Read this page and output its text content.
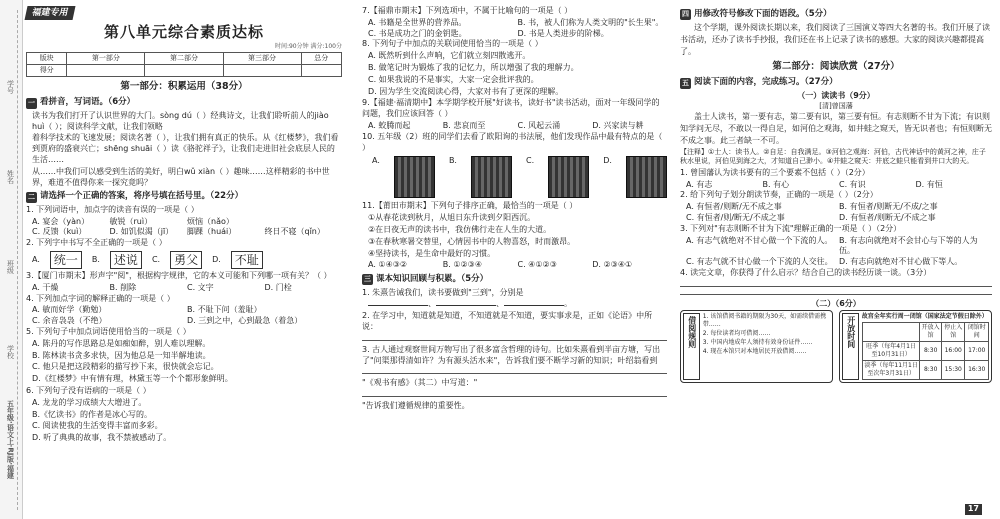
学号
姓名
班级
学校
五年级·语文上·RJ版·福建
福建专用
第八单元综合素质达标
时间:90分钟 满分:100分
版块	第一部分	第二部分	第三部分	总分
得分				
第一部分：积累运用（38分）
一 看拼音，写词语。（6分）

读书为我们打开了认识世界的大门。sòng dú（ ）经典诗文，让我们聆听前人的jiào huì（ ）；阅读科学文献，让我们领略

着科学技术的飞速发展；阅读名著（ ），让我们拥有真正的快乐。从《红楼梦》，我们看到贾府的盛衰兴亡；shēng shuāi（ ）读《骆驼祥子》，让我们走进旧社会底层人民的生活……

从……中我们可以感受到生活的美好，明白wǔ xiàn（ ）趣味……这样精彩的书中世界，难道不值得你来一探究竟吗？

二 请选择一个正确的答案，将序号填在括号里。（22分）

1. 下列词语中，加点字的读音有误的一项是（ ）

A. 宴会（yàn）	敏锐（ruì）	烦恼（nǎo）
C. 反馈（kuì）	D. 如饥似渴（jī）	脚踝（huái）	终日不寝（qǐn）

2. 下列字中书写不全正确的一项是（ ）

A.	统一	B.	述说	C.	勇父	D.	不耻

3.【厦门市期末】形声字"阅"，根据构字规律，它的本义可能和下列哪一项有关？（ ）

A. 干燥	B. 削除	C. 文字	D. 门栓

4. 下列加点字词的解释正确的一项是（ ）

A. 敏而好学（勤勉）	B. 不耻下问（羞耻）
C. 余音袅袅（不绝）	D. 三到之中，心到最急（着急）

5. 下列句子中加点词语使用恰当的一项是（ ）

A. 陈丹的写作思路总是如痴如醉，别人难以理解。

B. 陈林读书贪多求快，因为他总是一知半解地读。

C. 他只是把这段精彩的描写抄下来，很快就会忘记。

D.《红楼梦》中有情有理，林黛玉等一个个都形象鲜明。

6. 下列句子没有语病的一项是（ ）

A. 龙龙的学习成绩大大增进了。

B.《忆读书》的作者是冰心写的。

C. 阅读使我的生活变得丰富而多彩。

D. 听了典典的故事，我不禁被感动了。

7.【福鼎市期末】下列选项中，不属于比喻句的一项是（ ）

A. 书籍是全世界的营养品。	B. 书，被人们称为人类文明的"长生果"。
C. 书是成功之门的金钥匙。	D. 书是人类进步的阶梯。

8. 下列句子中加点的关联词使用恰当的一项是（ ）

A. 既然听到什么声响，它们就立刻四散逃开。

B. 做笔记时为锻炼了我的记忆力，所以增强了我的理解力。

C. 如果我说的不是事实，大家一定会批评我的。

D. 因为学生交流阅读心得，大家对书有了更深的理解。

9.【福建·福清期中】本学期学校开展"好读书，读好书"读书活动，面对一年级同学的问题，我们应该回答（ ）

A. 蛟腾而起	B. 悲哀而至	C. 风起云涌	D. 兴家读与耕

10. 五年级（2）班的同学们去看了欧阳询的书法展，他们发现作品中最有特点的是（ ）

A.	B.	C.	D.

11.【莆田市期末】下列句子排序正确，最恰当的一项是（ ）

①从春花读到秋月，从旭日东升读到夕阳西沉。

②在日夜无声的读书中，我仿佛行走在人生的大道。

③在春秋寒暑交替里，心情因书中的人物喜怒，时而激昂。

④坚持读书，是生命中最好的习惯。

A. ①④③②	B. ①②③④	C. ④①②③	D. ②③④①
三 课本知识回顾与积累。（5分）

1. 朱熹告诫我们，读书要做到"三到"，分别是

、	、	。

2. 在学习中，知道就是知道，不知道就是不知道，要实事求是，正如《论语》中所说：

3. 古人通过观察世间万物写出了很多富含哲理的诗句。比如朱熹看到半亩方塘，写出了"问渠那得清如许？为有源头活水来"，告诉我们要不断学习新的知识；叶绍翁看到

"《观书有感》（其二）中写道："

"告诉我们遵循规律的重要性。

四 用修改符号修改下面的语段。（5分）

这个学期，课外阅读长期以来，我们阅读了三国演义等四大名著的书。我们开展了读书活动，还办了读书手抄报，我们还在书上记录了读书的感想。大家的阅读兴趣都提高了。

第二部分：阅读欣赏（27分）
五 阅读下面的内容，完成练习。（27分）
（一）读读书（9分）
[清]曾国藩

盖士人读书，第一要有志，第二要有识，第三要有恒。有志则断不甘为下流；有识则知学问无尽，不敢以一得自足，如河伯之观海，如井蛙之窥天，皆无识者也；有恒则断无不成之事。此三者缺一不可。

【注释】①士人：读书人。②自足：自我满足。③河伯之观海：河伯，古代神话中的黄河之神，庄子秋水里说，河伯见到海之大，才知道自己渺小。④井蛙之窥天：井底之蛙只能看到井口大的天。

1. 曾国藩认为读书要有的三个要素不包括（ ）（2分）

A. 有志	B. 有心	C. 有识	D. 有恒

2. 给下列句子划分朗读节奏，正确的一项是（ ）（2分）

A. 有恒者/则断/无不成之事	B. 有恒者/则断无/不成/之事
C. 有恒者/则/断无/不成之事	D. 有恒者/则断无/不成之事

3. 下列对"有志则断不甘为下流"理解正确的一项是（ ）（2分）

A. 有志气就绝对不甘心做一个下流的人。 B. 有志向就绝对不会甘心与下等的人为伍。
C. 有志气就不甘心做一个下流的人交往。 D. 有志向就绝对不甘心做下等人。

4. 读完文章，你获得了什么启示？结合自己的读书经历谈一谈。（3分）

（二）（6分）
借阅规则	1. 该馆借阅书籍的期限为30天，如需续借需携带……

2. 每位读者均可借阅……

3. 中国内地成年人须持有效身份证件……

4. 现在本馆只对本地居民开放借阅……

开放时间	故宫全年实行周一闭馆（国家法定节假日除外）

	开放入馆	停止入馆	闭馆时间
旺季（每年4月1日至10月31日）	8:30	16:00	17:00
淡季（每年11月1日至次年3月31日）	8:30	15:30	16:30
17
